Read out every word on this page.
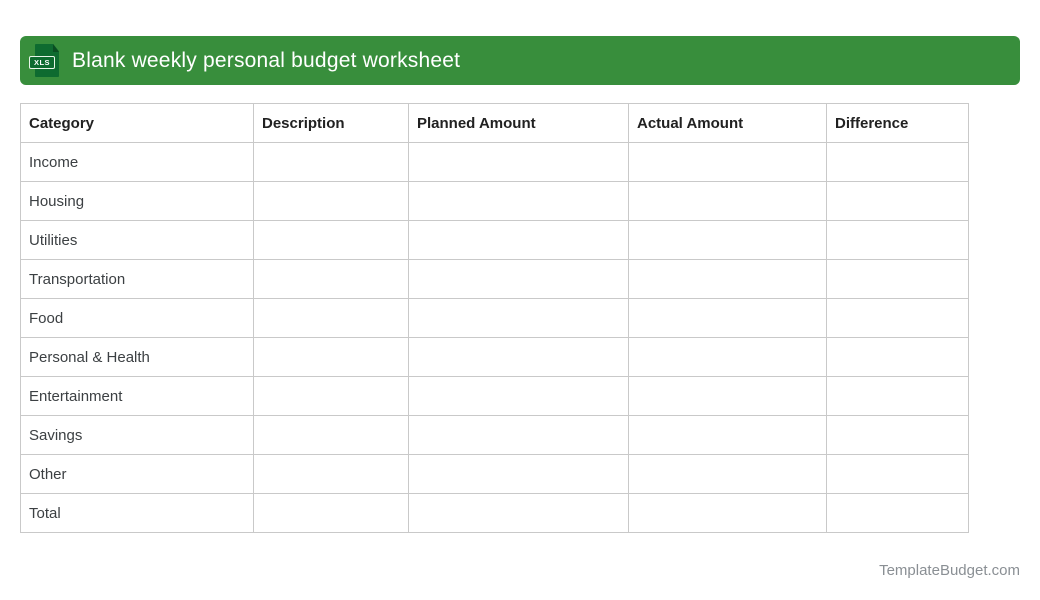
XLS Blank weekly personal budget worksheet
Category	Description	Planned Amount	Actual Amount	Difference
Income				
Housing				
Utilities				
Transportation				
Food				
Personal & Health				
Entertainment				
Savings				
Other				
Total				
TemplateBudget.com
